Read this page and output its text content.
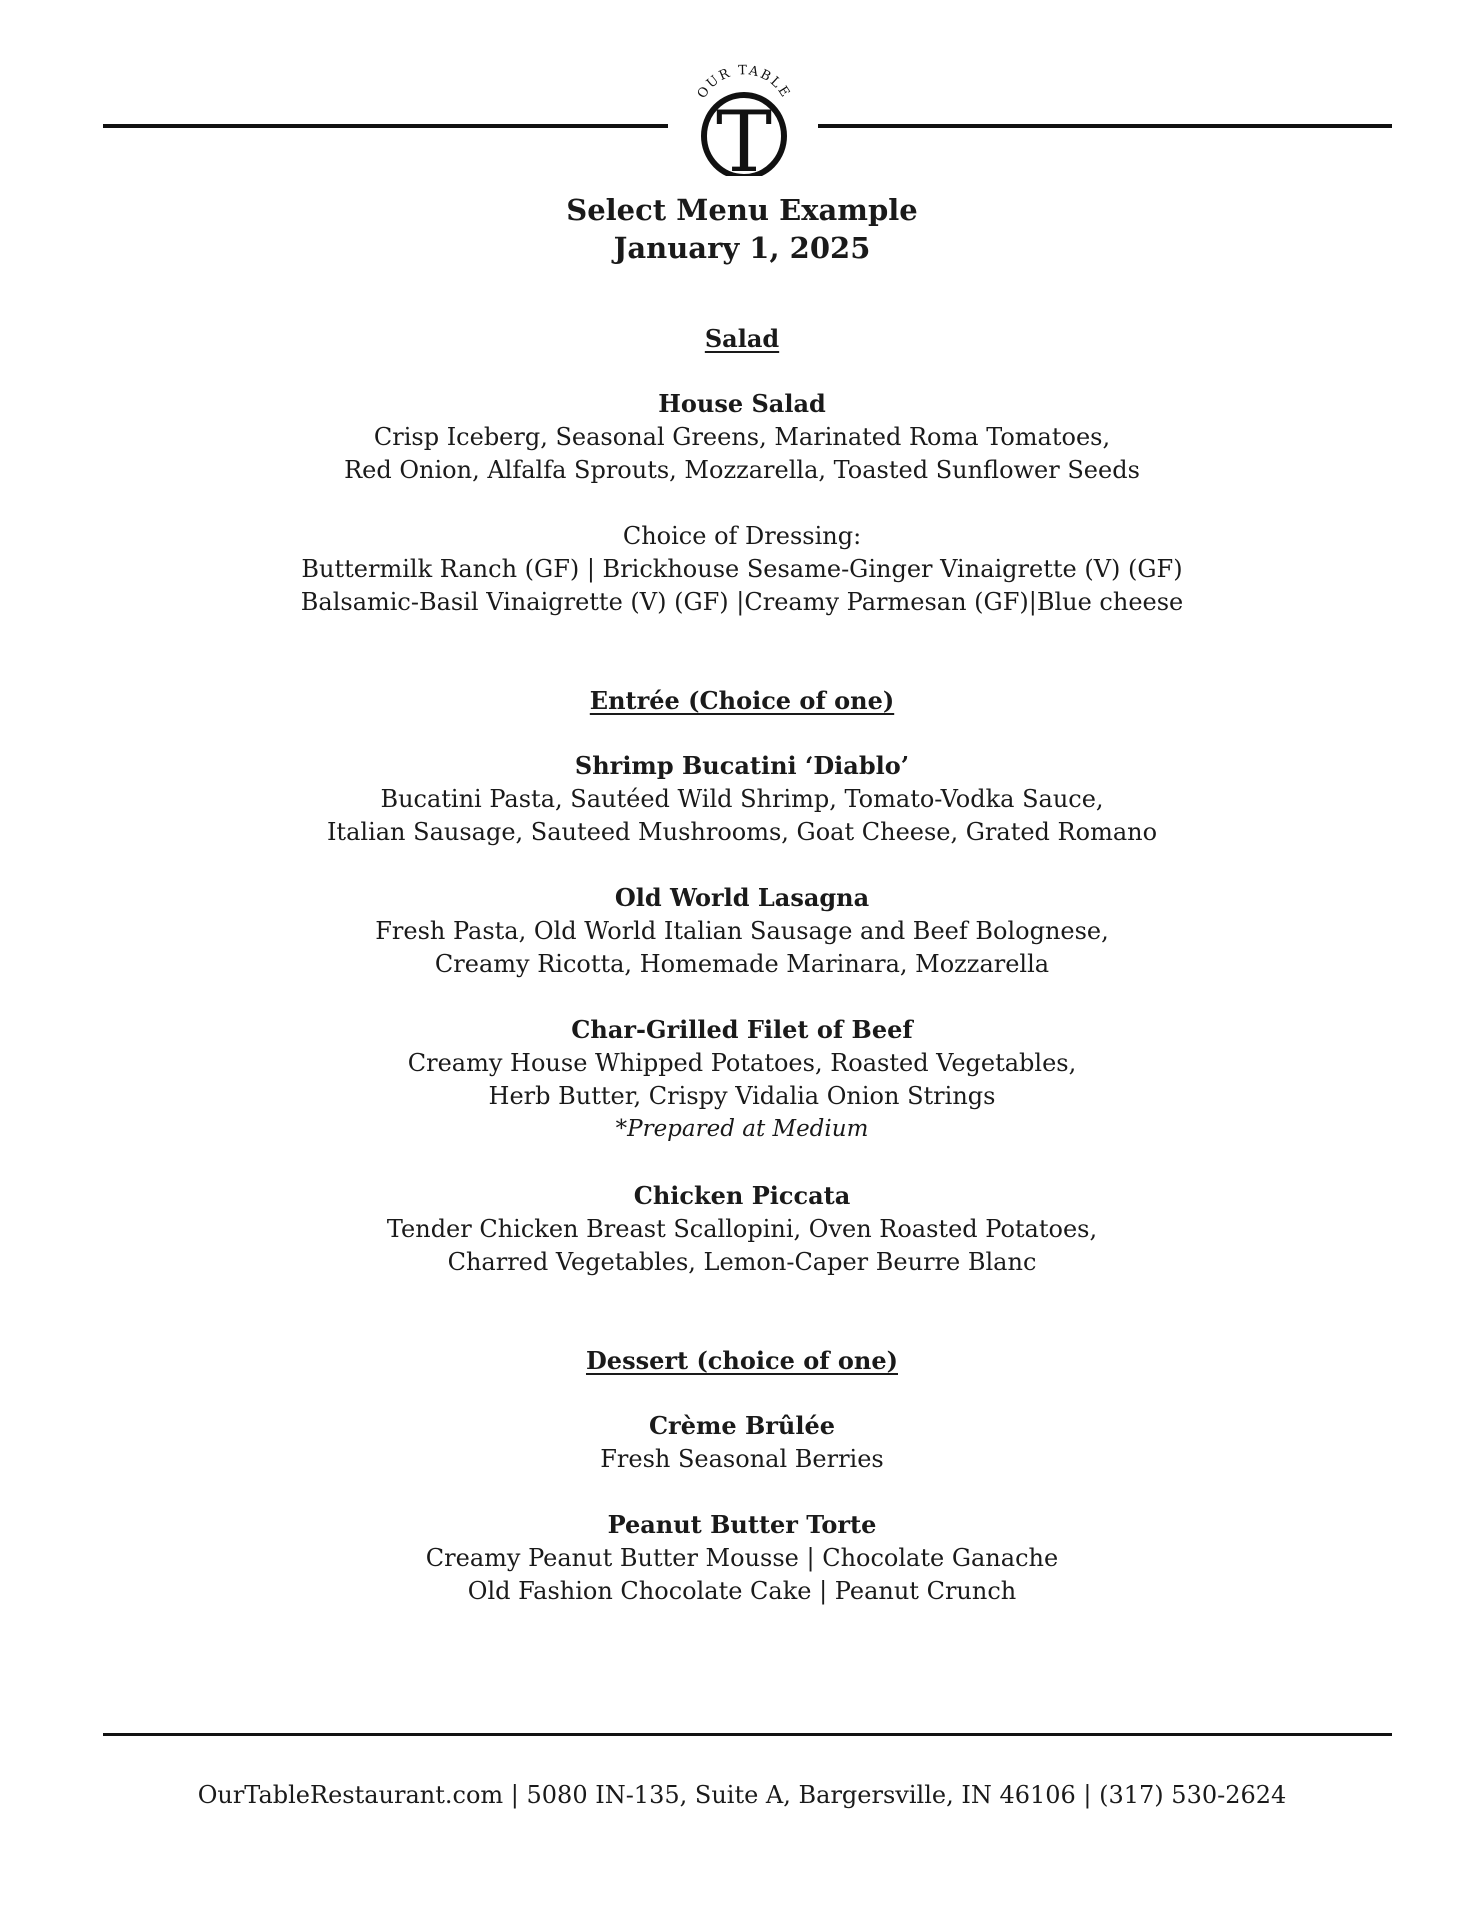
OUR TABLE
T
Select Menu Example
January 1, 2025
Salad
House Salad
Crisp Iceberg, Seasonal Greens, Marinated Roma Tomatoes,
Red Onion, Alfalfa Sprouts, Mozzarella, Toasted Sunflower Seeds
Choice of Dressing:
Buttermilk Ranch (GF) | Brickhouse Sesame-Ginger Vinaigrette (V) (GF)
Balsamic-Basil Vinaigrette (V) (GF) |Creamy Parmesan (GF)|Blue cheese
Entrée (Choice of one)
Shrimp Bucatini ‘Diablo’
Bucatini Pasta, Sautéed Wild Shrimp, Tomato-Vodka Sauce,
Italian Sausage, Sauteed Mushrooms, Goat Cheese, Grated Romano
Old World Lasagna
Fresh Pasta, Old World Italian Sausage and Beef Bolognese,
Creamy Ricotta, Homemade Marinara, Mozzarella
Char-Grilled Filet of Beef
Creamy House Whipped Potatoes, Roasted Vegetables,
Herb Butter, Crispy Vidalia Onion Strings
*Prepared at Medium
Chicken Piccata
Tender Chicken Breast Scallopini, Oven Roasted Potatoes,
Charred Vegetables, Lemon-Caper Beurre Blanc
Dessert (choice of one)
Crème Brûlée
Fresh Seasonal Berries
Peanut Butter Torte
Creamy Peanut Butter Mousse | Chocolate Ganache
Old Fashion Chocolate Cake | Peanut Crunch
OurTableRestaurant.com | 5080 IN-135, Suite A, Bargersville, IN 46106 | (317) 530-2624
